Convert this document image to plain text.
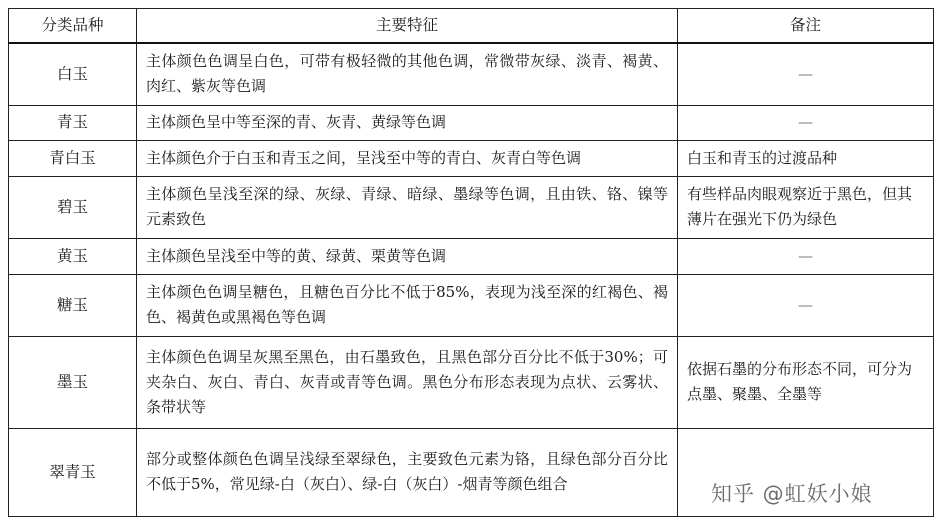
分类品种	主要特征	备注
白玉	主体颜色色调呈白色，可带有极轻微的其他色调，常微带灰绿、淡青、褐黄、肉红、紫灰等色调	—
青玉	主体颜色呈中等至深的青、灰青、黄绿等色调	—
青白玉	主体颜色介于白玉和青玉之间，呈浅至中等的青白、灰青白等色调	白玉和青玉的过渡品种
碧玉	主体颜色呈浅至深的绿、灰绿、青绿、暗绿、墨绿等色调，且由铁、铬、镍等元素致色	有些样品肉眼观察近于黑色，但其薄片在强光下仍为绿色
黄玉	主体颜色呈浅至中等的黄、绿黄、栗黄等色调	—
糖玉	主体颜色色调呈糖色，且糖色百分比不低于85%，表现为浅至深的红褐色、褐色、褐黄色或黑褐色等色调	—
墨玉	主体颜色色调呈灰黑至黑色，由石墨致色，且黑色部分百分比不低于30%；可夹杂白、灰白、青白、灰青或青等色调。黑色分布形态表现为点状、云雾状、条带状等	依据石墨的分布形态不同，可分为点墨、聚墨、全墨等
翠青玉	部分或整体颜色色调呈浅绿至翠绿色，主要致色元素为铬，且绿色部分百分比不低于5%，常见绿-白（灰白）、绿-白（灰白）-烟青等颜色组合		知乎 @虹妖小娘
